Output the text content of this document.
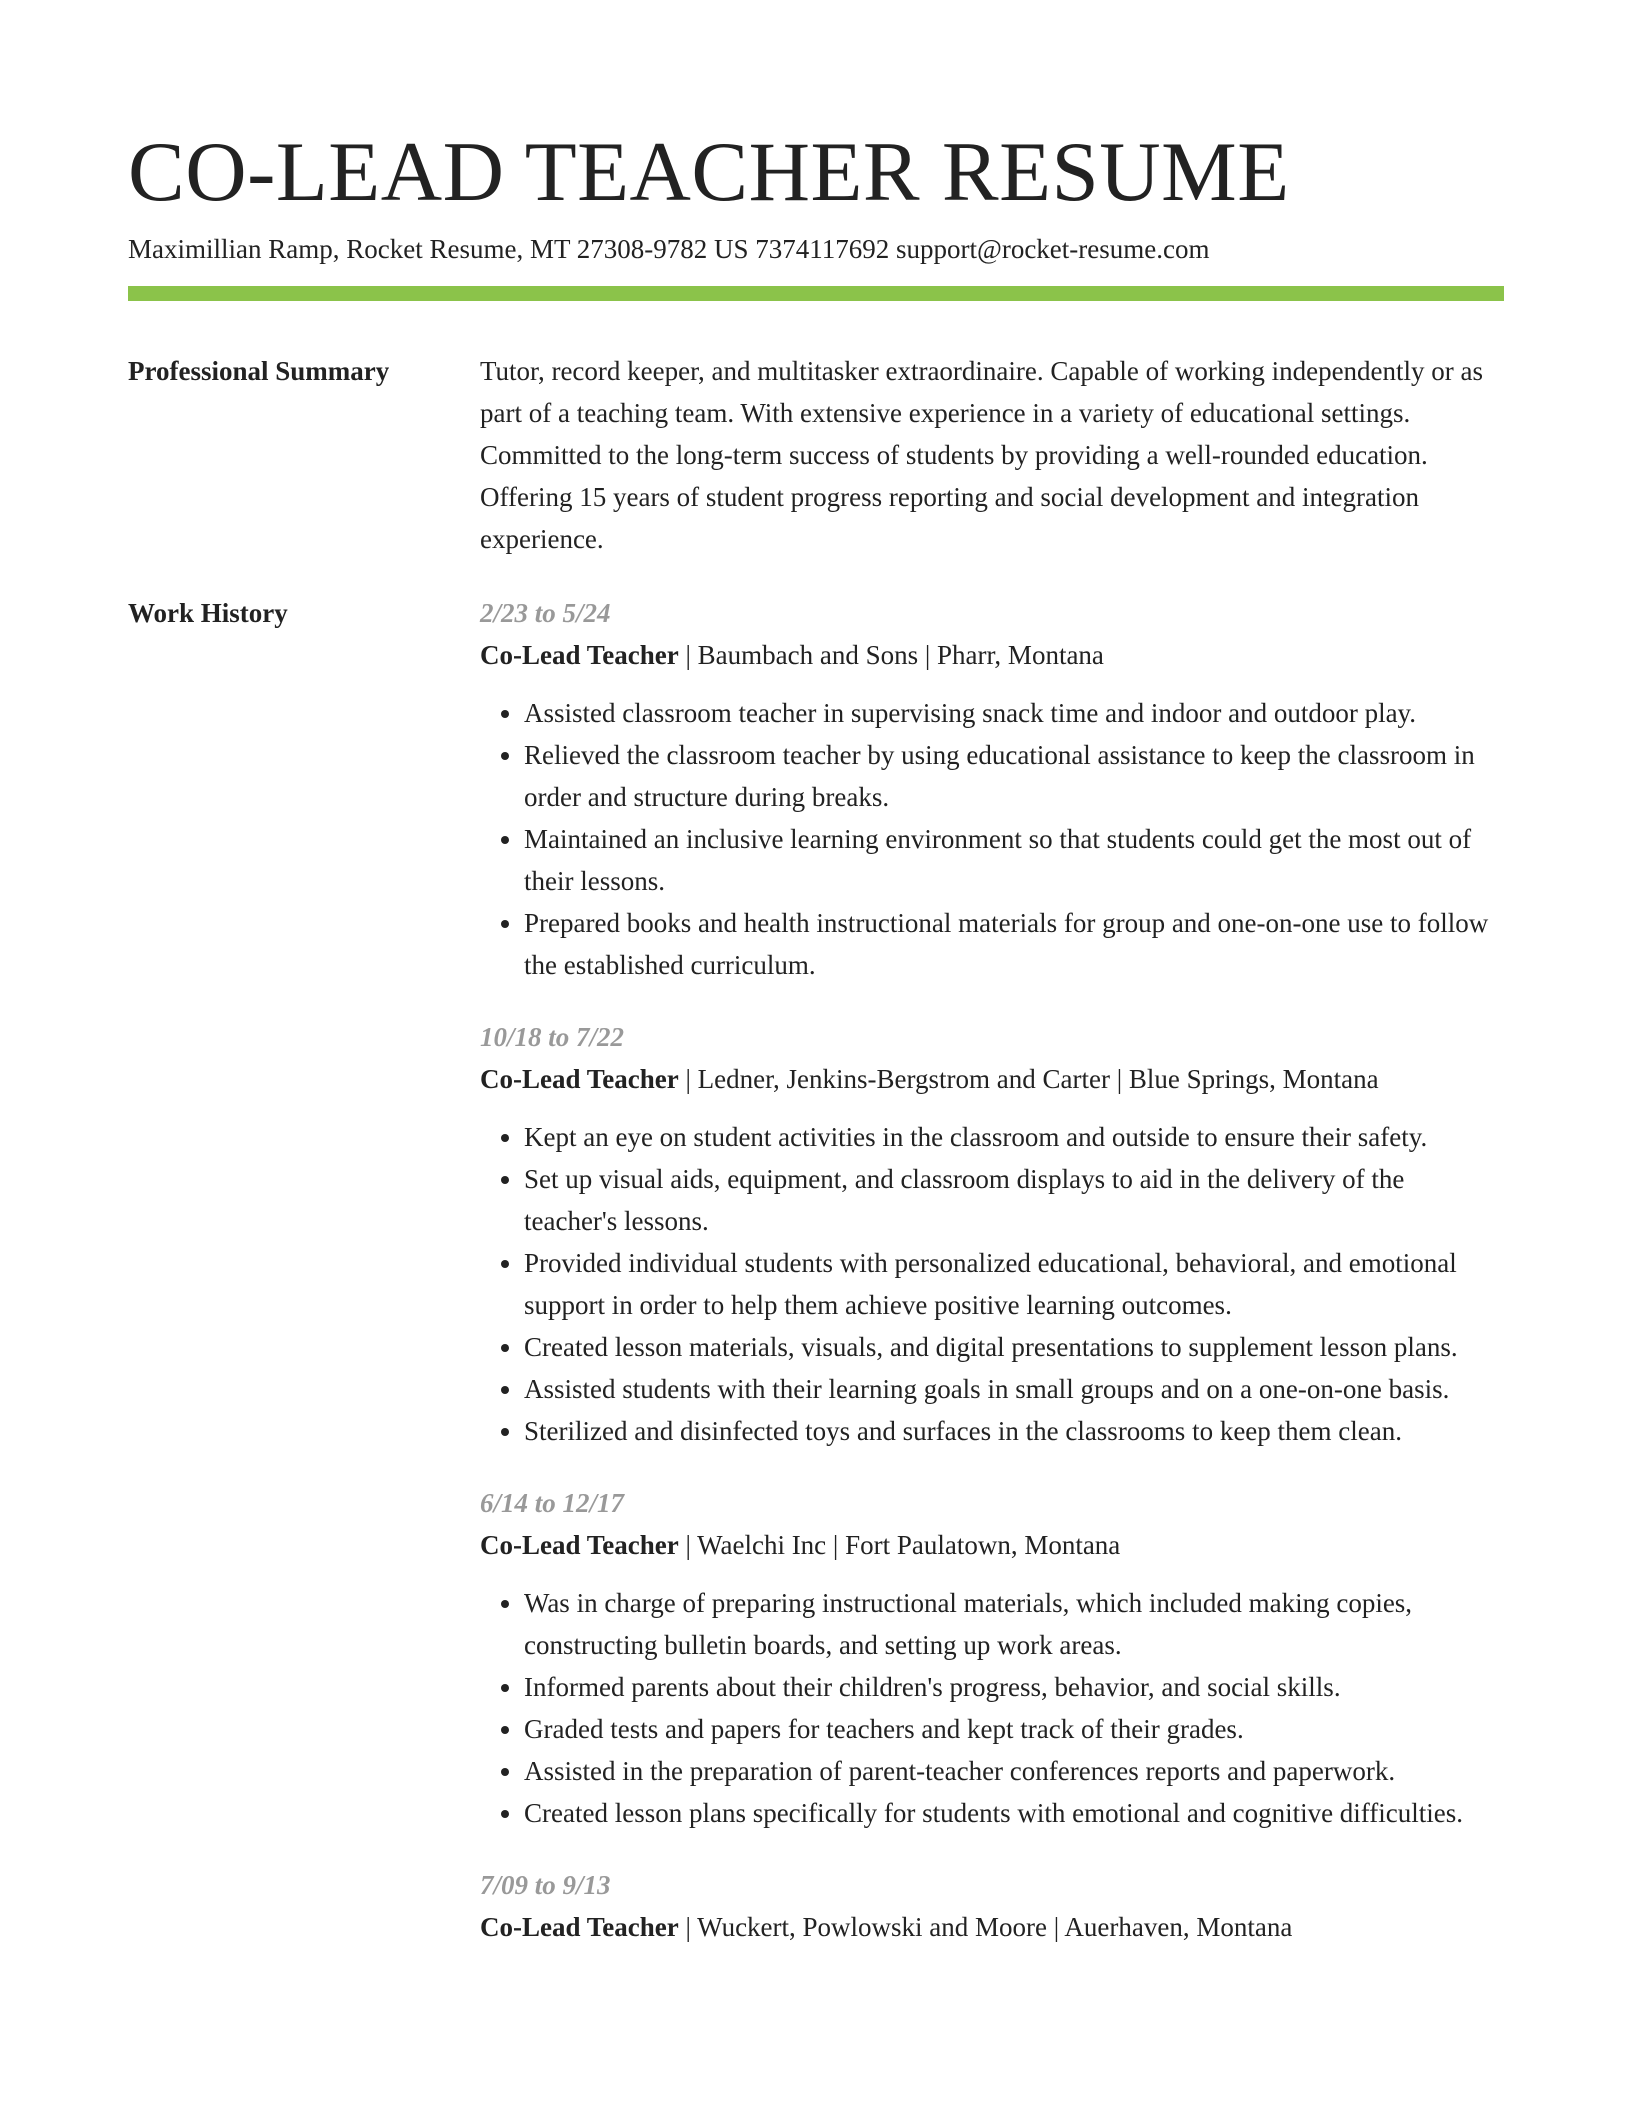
CO-LEAD TEACHER RESUME
Maximillian Ramp, Rocket Resume, MT 27308-9782 US 7374117692 support@rocket-resume.com
Professional Summary	Tutor, record keeper, and multitasker extraordinaire. Capable of working independently or as part of a teaching team. With extensive experience in a variety of educational settings. Committed to the long-term success of students by providing a well-rounded education. Offering 15 years of student progress reporting and social development and integration experience.

Work History	2/23 to 5/24
Co-Lead Teacher | Baumbach and Sons | Pharr, Montana
• Assisted classroom teacher in supervising snack time and indoor and outdoor play.
• Relieved the classroom teacher by using educational assistance to keep the classroom in order and structure during breaks.
• Maintained an inclusive learning environment so that students could get the most out of their lessons.
• Prepared books and health instructional materials for group and one-on-one use to follow the established curriculum.
10/18 to 7/22
Co-Lead Teacher | Ledner, Jenkins-Bergstrom and Carter | Blue Springs, Montana
• Kept an eye on student activities in the classroom and outside to ensure their safety.
• Set up visual aids, equipment, and classroom displays to aid in the delivery of the teacher's lessons.
• Provided individual students with personalized educational, behavioral, and emotional support in order to help them achieve positive learning outcomes.
• Created lesson materials, visuals, and digital presentations to supplement lesson plans.
• Assisted students with their learning goals in small groups and on a one-on-one basis.
• Sterilized and disinfected toys and surfaces in the classrooms to keep them clean.
6/14 to 12/17
Co-Lead Teacher | Waelchi Inc | Fort Paulatown, Montana
• Was in charge of preparing instructional materials, which included making copies, constructing bulletin boards, and setting up work areas.
• Informed parents about their children's progress, behavior, and social skills.
• Graded tests and papers for teachers and kept track of their grades.
• Assisted in the preparation of parent-teacher conferences reports and paperwork.
• Created lesson plans specifically for students with emotional and cognitive difficulties.
7/09 to 9/13
Co-Lead Teacher | Wuckert, Powlowski and Moore | Auerhaven, Montana
